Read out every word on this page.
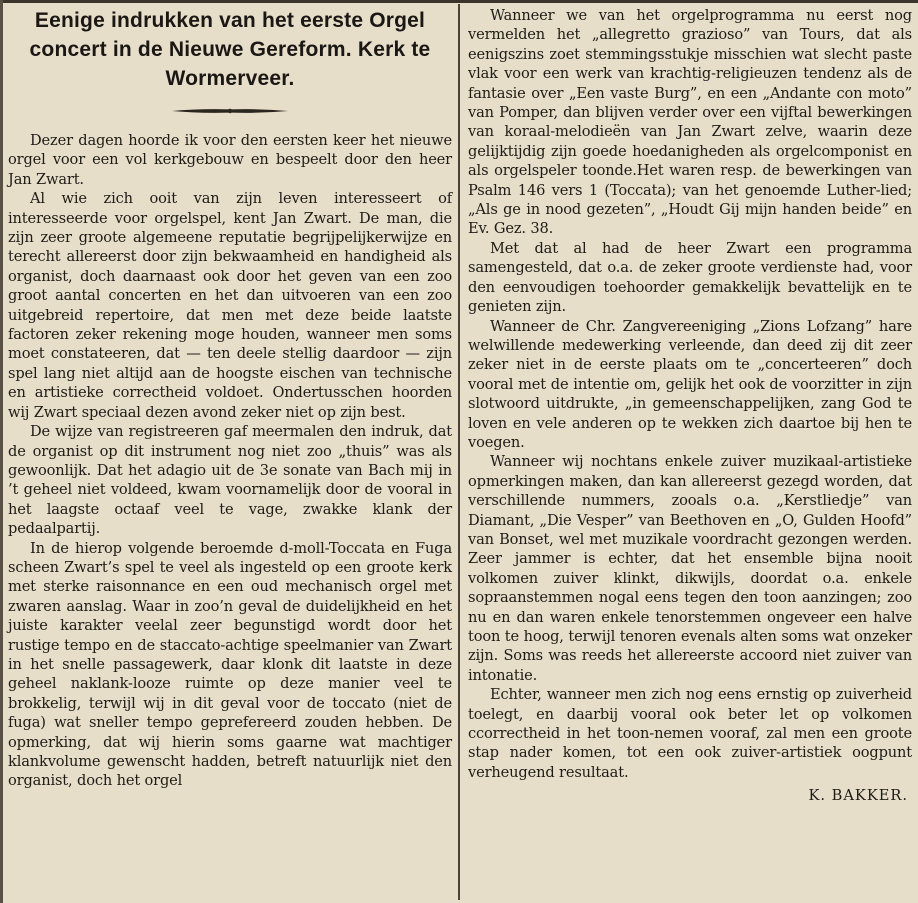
Eenige indrukken van het eerste Orgel concert in de Nieuwe Gereform. Kerk te Wormerveer.

Dezer dagen hoorde ik voor den eersten keer het nieuwe orgel voor een vol kerkgebouw en bespeelt door den heer Jan Zwart.

Al wie zich ooit van zijn leven interesseert of interesseerde voor orgelspel, kent Jan Zwart. De man, die zijn zeer groote algemeene reputatie begrijpelijkerwijze en terecht allereerst door zijn bekwaamheid en handigheid als organist, doch daarnaast ook door het geven van een zoo groot aantal concerten en het dan uitvoeren van een zoo uitgebreid repertoire, dat men met deze beide laatste factoren zeker rekening moge houden, wanneer men soms moet constateeren, dat — ten deele stellig daardoor — zijn spel lang niet altijd aan de hoogste eischen van technische en artistieke correctheid voldoet. Ondertusschen hoorden wij Zwart speciaal dezen avond zeker niet op zijn best.

De wijze van registreeren gaf meermalen den indruk, dat de organist op dit instrument nog niet zoo „thuis” was als gewoonlijk. Dat het adagio uit de 3e sonate van Bach mij in ’t geheel niet voldeed, kwam voornamelijk door de vooral in het laagste octaaf veel te vage, zwakke klank der pedaalpartij.

In de hierop volgende beroemde d-moll-Toccata en Fuga scheen Zwart’s spel te veel als ingesteld op een groote kerk met sterke raisonnance en een oud mechanisch orgel met zwaren aanslag. Waar in zoo’n geval de duidelijkheid en het juiste karakter veelal zeer begunstigd wordt door het rustige tempo en de staccato-achtige speelmanier van Zwart in het snelle passagewerk, daar klonk dit laatste in deze geheel naklank-looze ruimte op deze manier veel te brokkelig, terwijl wij in dit geval voor de toccato (niet de fuga) wat sneller tempo geprefereerd zouden hebben. De opmerking, dat wij hierin soms gaarne wat machtiger klankvolume gewenscht hadden, betreft natuurlijk niet den organist, doch het orgel

Wanneer we van het orgelprogramma nu eerst nog vermelden het „allegretto grazioso” van Tours, dat als eenigszins zoet stemmingsstukje misschien wat slecht paste vlak voor een werk van krachtig-religieuzen tendenz als de fantasie over „Een vaste Burg”, en een „Andante con moto” van Pomper, dan blijven verder over een vijftal bewerkingen van koraal-melodieën van Jan Zwart zelve, waarin deze gelijktijdig zijn goede hoedanigheden als orgelcomponist en als orgelspeler toonde.Het waren resp. de bewerkingen van Psalm 146 vers 1 (Toccata); van het genoemde Luther-lied; „Als ge in nood gezeten”, „Houdt Gij mijn handen beide” en Ev. Gez. 38.

Met dat al had de heer Zwart een programma samengesteld, dat o.a. de zeker groote verdienste had, voor den eenvoudigen toehoorder gemakkelijk bevattelijk en te genieten zijn.

Wanneer de Chr. Zangvereeniging „Zions Lofzang” hare welwillende medewerking verleende, dan deed zij dit zeer zeker niet in de eerste plaats om te „concerteeren” doch vooral met de intentie om, gelijk het ook de voorzitter in zijn slotwoord uitdrukte, „in gemeenschappelijken, zang God te loven en vele anderen op te wekken zich daartoe bij hen te voegen.

Wanneer wij nochtans enkele zuiver muzikaal-artistieke opmerkingen maken, dan kan allereerst gezegd worden, dat verschillende nummers, zooals o.a. „Kerstliedje” van Diamant, „Die Vesper” van Beethoven en „O, Gulden Hoofd” van Bonset, wel met muzikale voordracht gezongen werden. Zeer jammer is echter, dat het ensemble bijna nooit volkomen zuiver klinkt, dikwijls, doordat o.a. enkele sopraanstemmen nogal eens tegen den toon aanzingen; zoo nu en dan waren enkele tenorstemmen ongeveer een halve toon te hoog, terwijl tenoren evenals alten soms wat onzeker zijn. Soms was reeds het allereerste accoord niet zuiver van intonatie.

Echter, wanneer men zich nog eens ernstig op zuiverheid toelegt, en daarbij vooral ook beter let op volkomen ccorrectheid in het toon-nemen vooraf, zal men een groote stap nader komen, tot een ook zuiver-artistiek oogpunt verheugend resultaat.

K. BAKKER.
